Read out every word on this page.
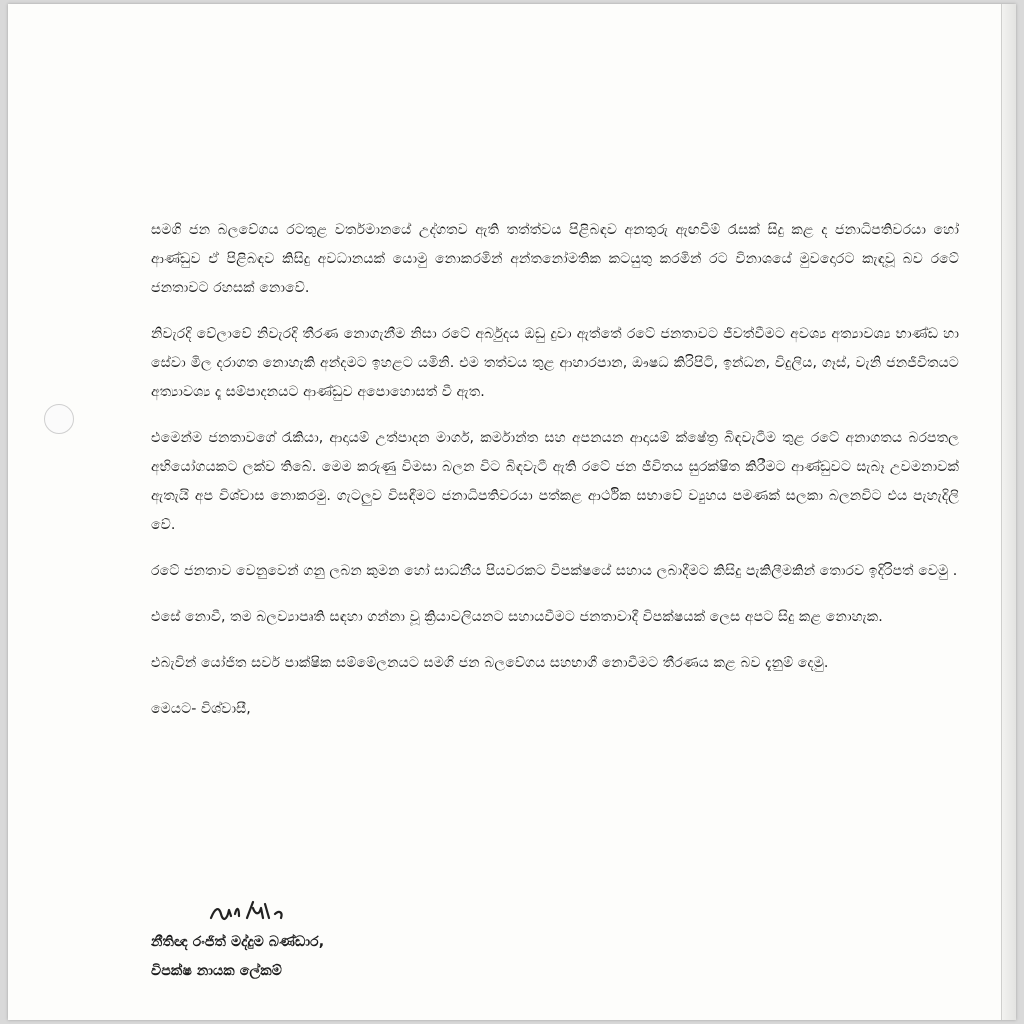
සමගි ජන බලවේගය රටතුළ වර්තමානයේ උද්ගතව ඇති තත්ත්වය පිළිබඳව අනතුරු ඇඟවීම් රැසක් සිදු කළ ද ජනාධිපතිවරයා හෝ ආණ්ඩුව ඒ පිළිබඳව කිසිදු අවධානයක් යොමු නොකරමින් අන්තනෝමතික කටයුතු කරමින් රට විනාශයේ මුවදොරට කැඳවූ බව රටේ ජනතාවට රහසක් නොවේ.

නිවැරදි වේලාවේ නිවැරදි තීරණ නොගැනීම නිසා රටේ අර්බුදය ඔඩු දුවා ඇත්තේ රටේ ජනතාවට ජීවත්වීමට අවශ්‍ය අත්‍යාවශ්‍ය භාණ්ඩ හා සේවා මිල දරාගත නොහැකි අන්දමට ඉහළට යමිනි. එම තත්වය තුළ ආහාරපාන, ඖෂධ කිරිපිටි, ඉන්ධන, විදුලිය, ගෑස්, වැනි ජනජීවිතයට අත්‍යාවශ්‍ය දෑ සම්පාදනයට ආණ්ඩුව අපොහොසත් වී ඇත.

එමෙන්ම ජනතාවගේ රැකියා, ආදායම් උත්පාදන මාර්ග, කර්මාන්ත සහ අපනයන ආදායම් ක්ෂේත්‍ර බිඳවැටීම තුළ රටේ අනාගතය බරපතල අභියෝගයකට ලක්ව තිබේ. මෙම කරුණු විමසා බලන විට බිඳවැටී ඇති රටේ ජන ජීවිතය සුරක්ෂිත කිරීමට ආණ්ඩුවට සැබෑ උවමනාවක් ඇතැයි අප විශ්වාස නොකරමු. ගැටලුව විසඳීමට ජනාධිපතිවරයා පත්කළ ආර්ථික සභාවේ ව්‍යුහය පමණක් සලකා බලනවිට එය පැහැදිලි වේ.

රටේ ජනතාව වෙනුවෙන් ගනු ලබන කුමන හෝ සාධනීය පියවරකට විපක්ෂයේ සහාය ලබාදීමට කිසිදු පැකිලීමකින් තොරව ඉදිරිපත් වෙමු .

එසේ නොවී, තම බලව්‍යාපෘති සඳහා ගන්නා වූ ක්‍රියාවලියනට සහායවීමට ජනතාවාදී විපක්ෂයක් ලෙස අපට සිදු කළ නොහැක.

එබැවින් යෝජිත සර්ව පාක්ෂික සම්මේලනයට සමගි ජන බලවේගය සහභාගී නොවීමට තීරණය කළ බව දැනුම් දෙමු.

මෙයට- විශ්වාසී,

නීතිඥ රංජිත් මද්දුම බණ්ඩාර,
විපක්ෂ නායක ලේකම්
